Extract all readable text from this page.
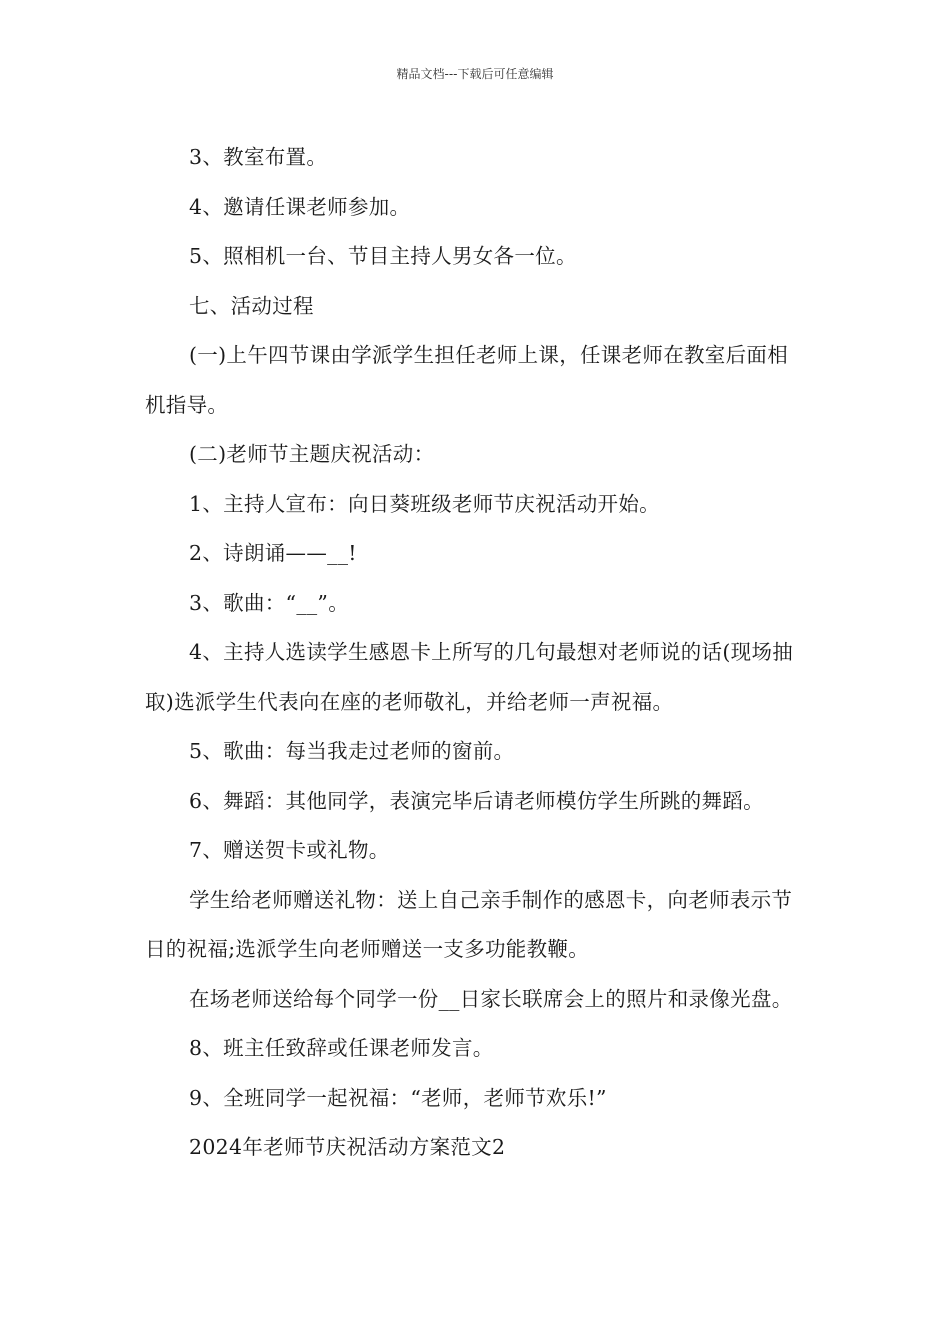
精品文档---下载后可任意编辑

3、教室布置。

4、邀请任课老师参加。

5、照相机一台、节目主持人男女各一位。

七、活动过程

(一)上午四节课由学派学生担任老师上课，任课老师在教室后面相机指导。

(二)老师节主题庆祝活动：

1、主持人宣布：向日葵班级老师节庆祝活动开始。

2、诗朗诵——__!

3、歌曲：“__”。

4、主持人选读学生感恩卡上所写的几句最想对老师说的话(现场抽取)选派学生代表向在座的老师敬礼，并给老师一声祝福。

5、歌曲：每当我走过老师的窗前。

6、舞蹈：其他同学，表演完毕后请老师模仿学生所跳的舞蹈。

7、赠送贺卡或礼物。

学生给老师赠送礼物：送上自己亲手制作的感恩卡，向老师表示节日的祝福;选派学生向老师赠送一支多功能教鞭。

在场老师送给每个同学一份__日家长联席会上的照片和录像光盘。

8、班主任致辞或任课老师发言。

9、全班同学一起祝福：“老师，老师节欢乐!”

2024年老师节庆祝活动方案范文2
